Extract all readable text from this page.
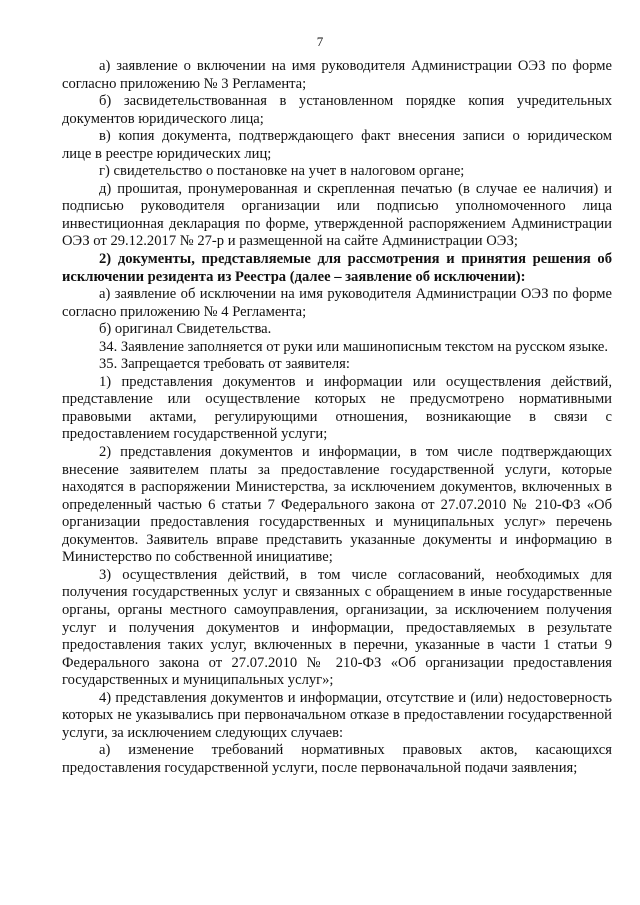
7

а) заявление о включении на имя руководителя Администрации ОЭЗ по форме согласно приложению № 3 Регламента;

б) засвидетельствованная в установленном порядке копия учредительных документов юридического лица;

в) копия документа, подтверждающего факт внесения записи о юридическом лице в реестре юридических лиц;

г) свидетельство о постановке на учет в налоговом органе;

д) прошитая, пронумерованная и скрепленная печатью (в случае ее наличия) и подписью руководителя организации или подписью уполномоченного лица инвестиционная декларация по форме, утвержденной распоряжением Администрации ОЭЗ от 29.12.2017 № 27-р и размещенной на сайте Администрации ОЭЗ;

2) документы, представляемые для рассмотрения и принятия решения об исключении резидента из Реестра (далее – заявление об исключении):

а) заявление об исключении на имя руководителя Администрации ОЭЗ по форме согласно приложению № 4 Регламента;

б) оригинал Свидетельства.

34. Заявление заполняется от руки или машинописным текстом на русском языке.

35. Запрещается требовать от заявителя:

1) представления документов и информации или осуществления действий, представление или осуществление которых не предусмотрено нормативными правовыми актами, регулирующими отношения, возникающие в связи с предоставлением государственной услуги;

2) представления документов и информации, в том числе подтверждающих внесение заявителем платы за предоставление государственной услуги, которые находятся в распоряжении Министерства, за исключением документов, включенных в определенный частью 6 статьи 7 Федерального закона от 27.07.2010 № 210-ФЗ «Об организации предоставления государственных и муниципальных услуг» перечень документов. Заявитель вправе представить указанные документы и информацию в Министерство по собственной инициативе;

3) осуществления действий, в том числе согласований, необходимых для получения государственных услуг и связанных с обращением в иные государственные органы, органы местного самоуправления, организации, за исключением получения услуг и получения документов и информации, предоставляемых в результате предоставления таких услуг, включенных в перечни, указанные в части 1 статьи 9 Федерального закона от 27.07.2010 № 210-ФЗ «Об организации предоставления государственных и муниципальных услуг»;

4) представления документов и информации, отсутствие и (или) недостоверность которых не указывались при первоначальном отказе в предоставлении государственной услуги, за исключением следующих случаев:

а) изменение требований нормативных правовых актов, касающихся предоставления государственной услуги, после первоначальной подачи заявления;
